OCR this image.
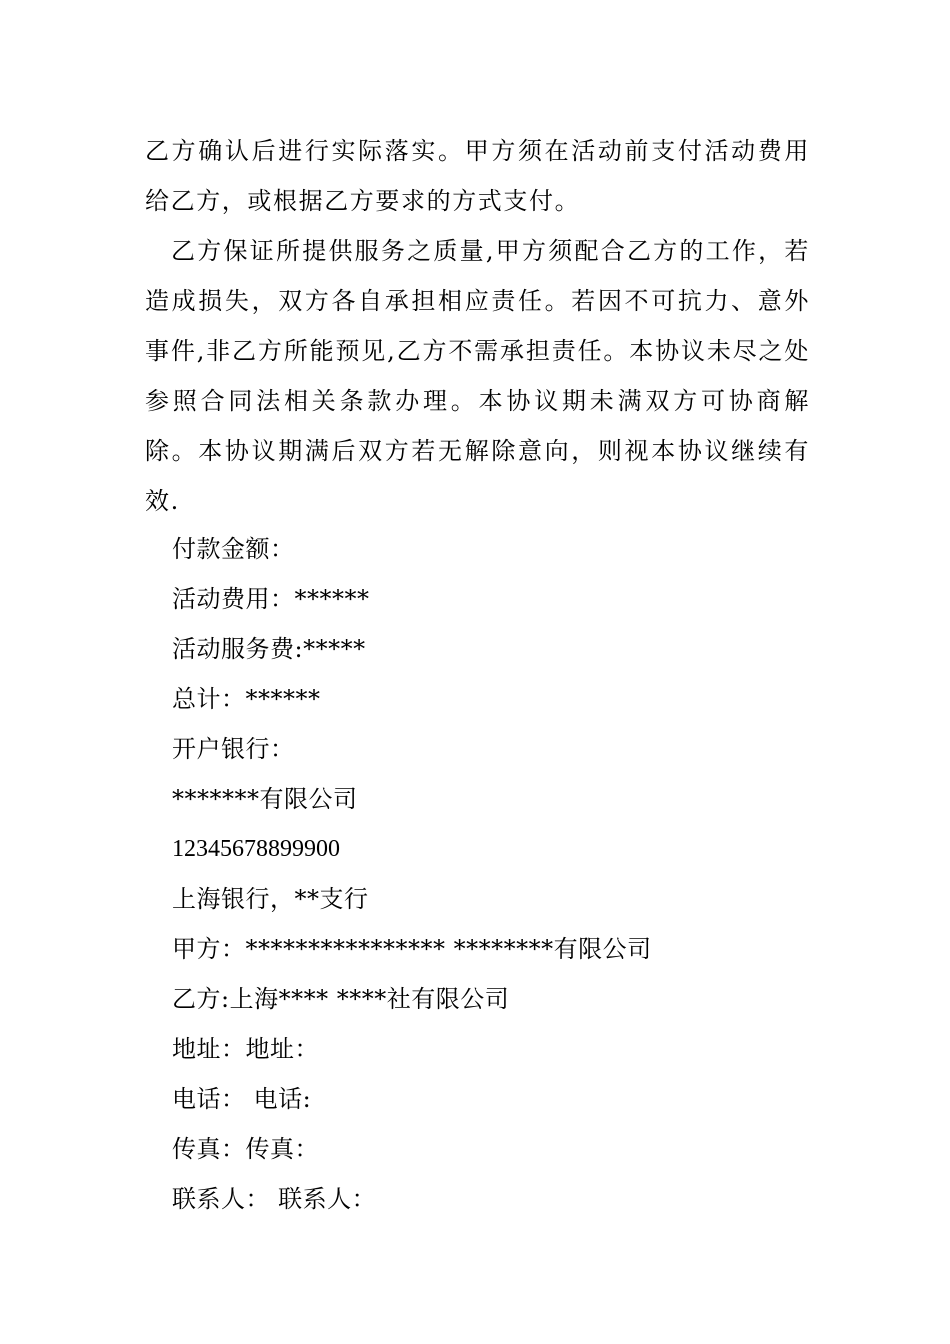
乙方确认后进行实际落实。甲方须在活动前支付活动费用给乙方，或根据乙方要求的方式支付。

乙方保证所提供服务之质量,甲方须配合乙方的工作，若造成损失，双方各自承担相应责任。若因不可抗力、意外事件,非乙方所能预见,乙方不需承担责任。本协议未尽之处参照合同法相关条款办理。本协议期未满双方可协商解除。本协议期满后双方若无解除意向，则视本协议继续有效.

付款金额：
活动费用：******
活动服务费:*****
总计：******
开户银行：
*******有限公司
12345678899900
上海银行，**支行
甲方：**************** ********有限公司
乙方:上海**** ****社有限公司
地址：地址：
电话： 电话:
传真：传真：
联系人： 联系人：
